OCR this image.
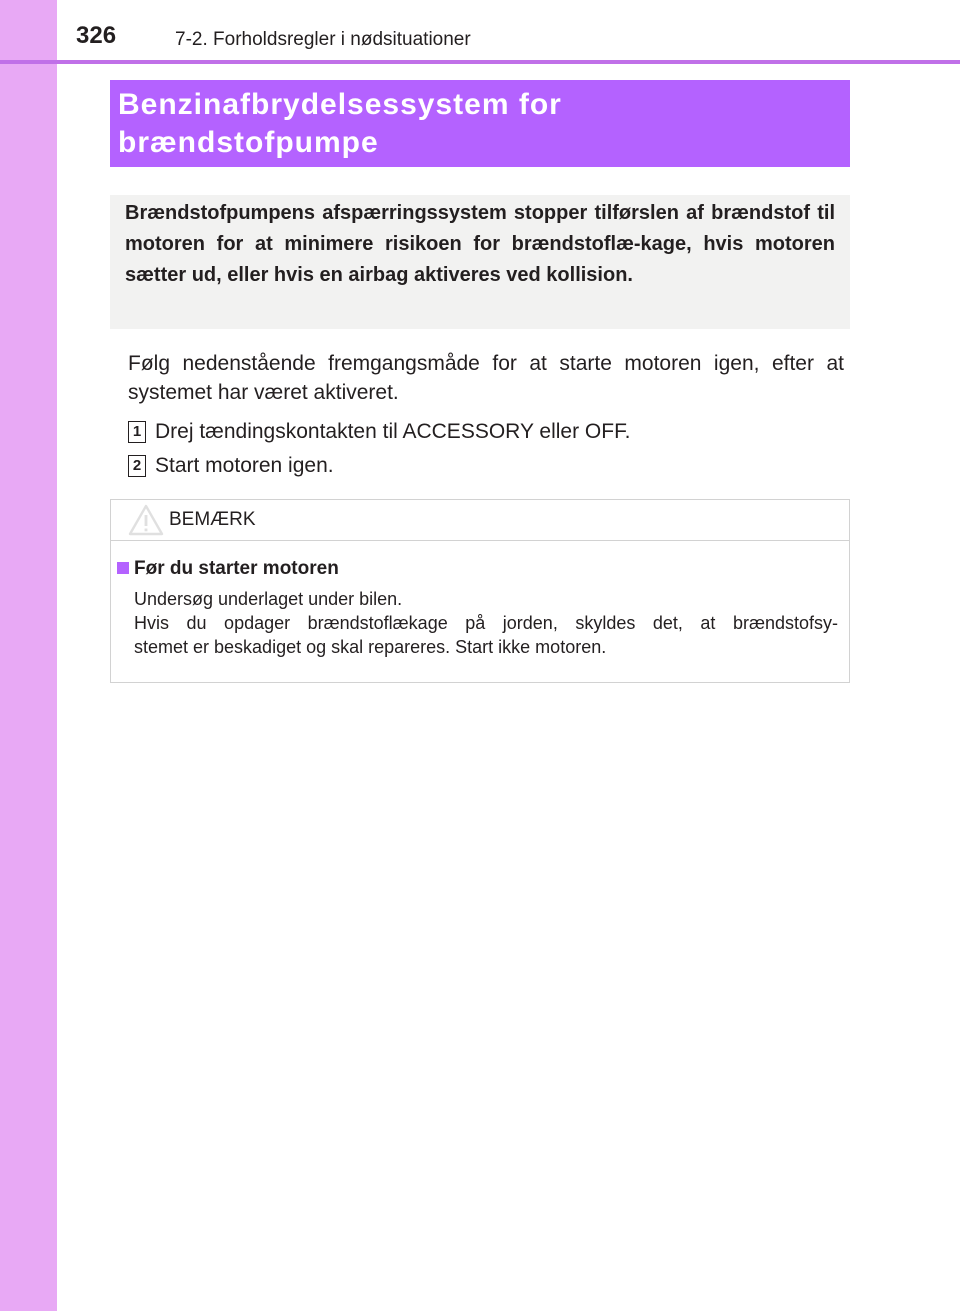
326	7-2. Forholdsregler i nødsituationer
Benzinafbrydelsessystem for
brændstofpumpe
Brændstofpumpens afspærringssystem stopper tilførslen af brændstof til motoren for at minimere risikoen for brændstoflæ-kage, hvis motoren sætter ud, eller hvis en airbag aktiveres ved kollision.
Følg nedenstående fremgangsmåde for at starte motoren igen, efter at systemet har været aktiveret.
1 Drej tændingskontakten til ACCESSORY eller OFF.
2 Start motoren igen.
BEMÆRK
Før du starter motoren
Undersøg underlaget under bilen.
Hvis du opdager brændstoflækage på jorden, skyldes det, at brændstofsy-
stemet er beskadiget og skal repareres. Start ikke motoren.
